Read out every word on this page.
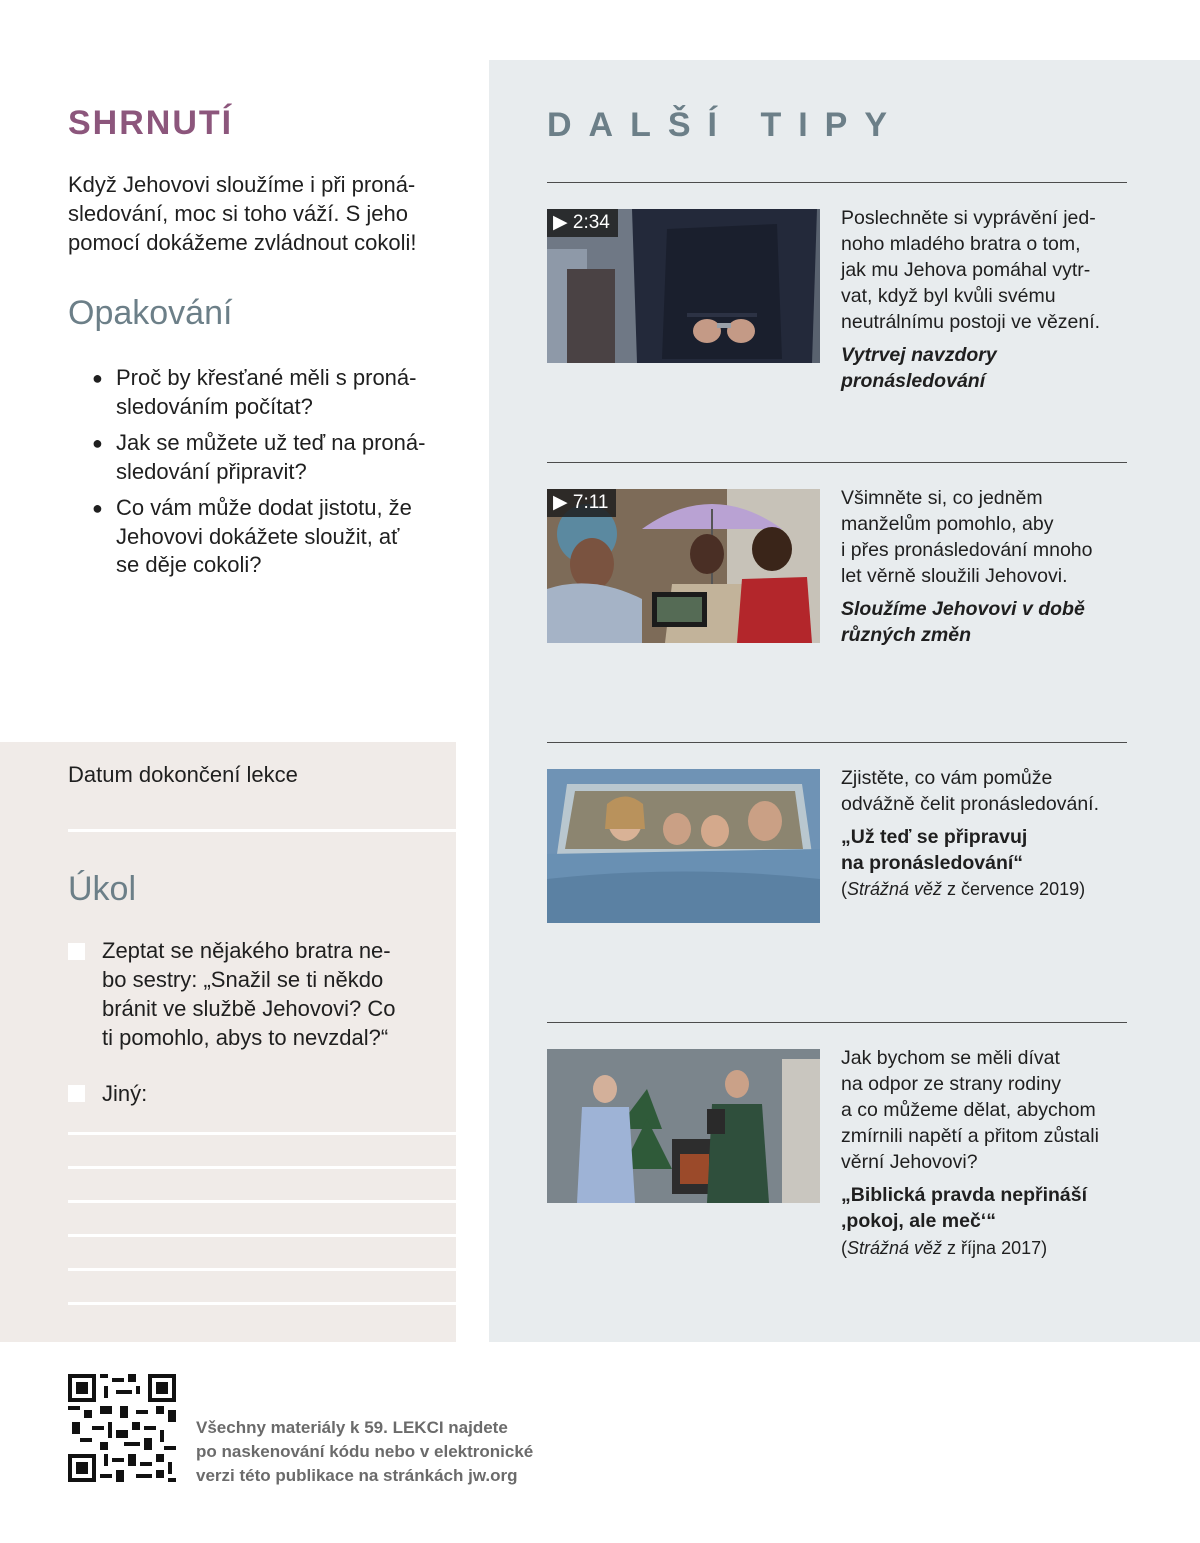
SHRNUTÍ
Když Jehovovi sloužíme i při proná-
sledování, moc si toho váží. S jeho
pomocí dokážeme zvládnout cokoli!
Opakování
● Proč by křesťané měli s proná-
sledováním počítat?
● Jak se můžete už teď na proná-
sledování připravit?
● Co vám může dodat jistotu, že
Jehovovi dokážete sloužit, ať
se děje cokoli?
Datum dokončení lekce
Úkol
Zeptat se nějakého bratra ne-
bo sestry: „Snažil se ti někdo
bránit ve službě Jehovovi? Co
ti pomohlo, abys to nevzdal?“
Jiný:
DALŠÍ TIPY
▶ 2:34	Poslechněte si vyprávění jed-
noho mladého bratra o tom,
jak mu Jehova pomáhal vytr-
vat, když byl kvůli svému
neutrálnímu postoji ve vězení.
Vytrvej navzdory
pronásledování
▶ 7:11	Všimněte si, co jedněm
manželům pomohlo, aby
i přes pronásledování mnoho
let věrně sloužili Jehovovi.
Sloužíme Jehovovi v době
různých změn
Zjistěte, co vám pomůže
odvážně čelit pronásledování.
„Už teď se připravuj
na pronásledování“
(Strážná věž z července 2019)
Jak bychom se měli dívat
na odpor ze strany rodiny
a co můžeme dělat, abychom
zmírnili napětí a přitom zůstali
věrní Jehovovi?
„Biblická pravda nepřináší
‚pokoj, ale meč‘“
(Strážná věž z října 2017)
Všechny materiály k 59. LEKCI najdete
po naskenování kódu nebo v elektronické
verzi této publikace na stránkách jw.org
